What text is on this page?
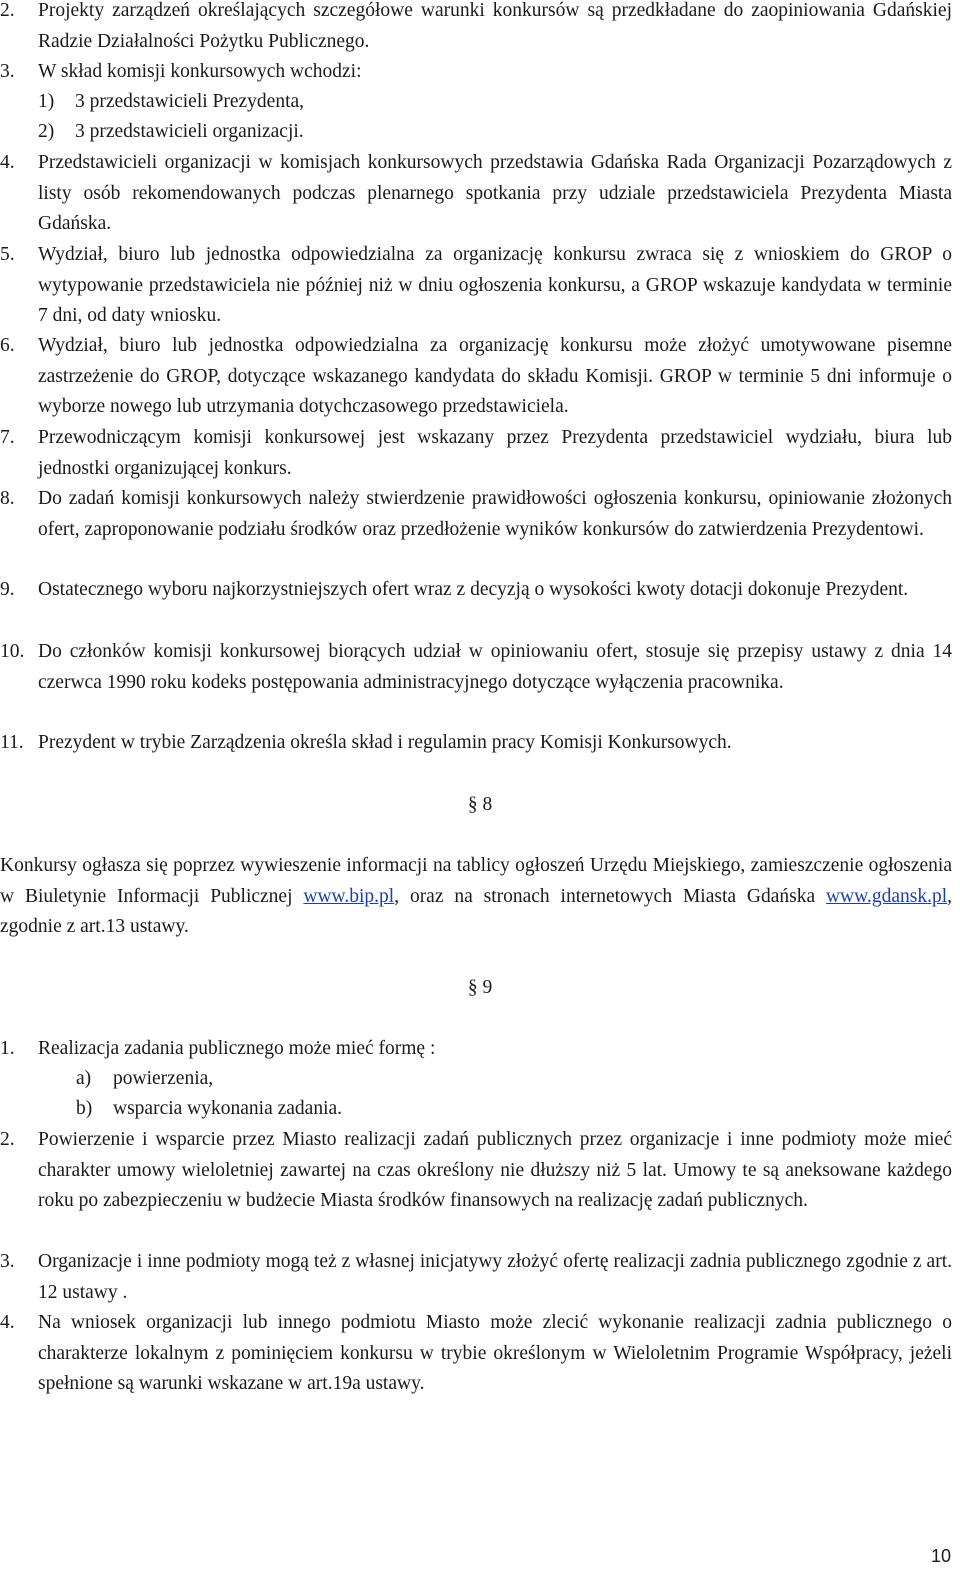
2. Projekty zarządzeń określających szczegółowe warunki konkursów są przedkładane do zaopiniowania Gdańskiej Radzie Działalności Pożytku Publicznego.
3. W skład komisji konkursowych wchodzi:
1) 3 przedstawicieli Prezydenta,
2) 3 przedstawicieli organizacji.
4. Przedstawicieli organizacji w komisjach konkursowych przedstawia Gdańska Rada Organizacji Pozarządowych z listy osób rekomendowanych podczas plenarnego spotkania przy udziale przedstawiciela Prezydenta Miasta Gdańska.
5. Wydział, biuro lub jednostka odpowiedzialna za organizację konkursu zwraca się z wnioskiem do GROP o wytypowanie przedstawiciela nie później niż w dniu ogłoszenia konkursu, a GROP wskazuje kandydata w terminie 7 dni, od daty wniosku.
6. Wydział, biuro lub jednostka odpowiedzialna za organizację konkursu może złożyć umotywowane pisemne zastrzeżenie do GROP, dotyczące wskazanego kandydata do składu Komisji. GROP w terminie 5 dni informuje o wyborze nowego lub utrzymania dotychczasowego przedstawiciela.
7. Przewodniczącym komisji konkursowej jest wskazany przez Prezydenta przedstawiciel wydziału, biura lub jednostki organizującej konkurs.
8. Do zadań komisji konkursowych należy stwierdzenie prawidłowości ogłoszenia konkursu, opiniowanie złożonych ofert, zaproponowanie podziału środków oraz przedłożenie wyników konkursów do zatwierdzenia Prezydentowi.
9. Ostatecznego wyboru najkorzystniejszych ofert wraz z decyzją o wysokości kwoty dotacji dokonuje Prezydent.
10. Do członków komisji konkursowej biorących udział w opiniowaniu ofert, stosuje się przepisy ustawy z dnia 14 czerwca 1990 roku kodeks postępowania administracyjnego dotyczące wyłączenia pracownika.
11. Prezydent w trybie Zarządzenia określa skład i regulamin pracy Komisji Konkursowych.
§ 8
Konkursy ogłasza się poprzez wywieszenie informacji na tablicy ogłoszeń Urzędu Miejskiego, zamieszczenie ogłoszenia w Biuletynie Informacji Publicznej www.bip.pl, oraz na stronach internetowych Miasta Gdańska www.gdansk.pl, zgodnie z art.13 ustawy.
§ 9
1. Realizacja zadania publicznego może mieć formę :
a) powierzenia,
b) wsparcia wykonania zadania.
2. Powierzenie i wsparcie przez Miasto realizacji zadań publicznych przez organizacje i inne podmioty może mieć charakter umowy wieloletniej zawartej na czas określony nie dłuższy niż 5 lat. Umowy te są aneksowane każdego roku po zabezpieczeniu w budżecie Miasta środków finansowych na realizację zadań publicznych.
3. Organizacje i inne podmioty mogą też z własnej inicjatywy złożyć ofertę realizacji zadnia publicznego zgodnie z art. 12 ustawy .
4. Na wniosek organizacji lub innego podmiotu Miasto może zlecić wykonanie realizacji zadnia publicznego o charakterze lokalnym z pominięciem konkursu w trybie określonym w Wieloletnim Programie Współpracy, jeżeli spełnione są warunki wskazane w art.19a ustawy.
10
